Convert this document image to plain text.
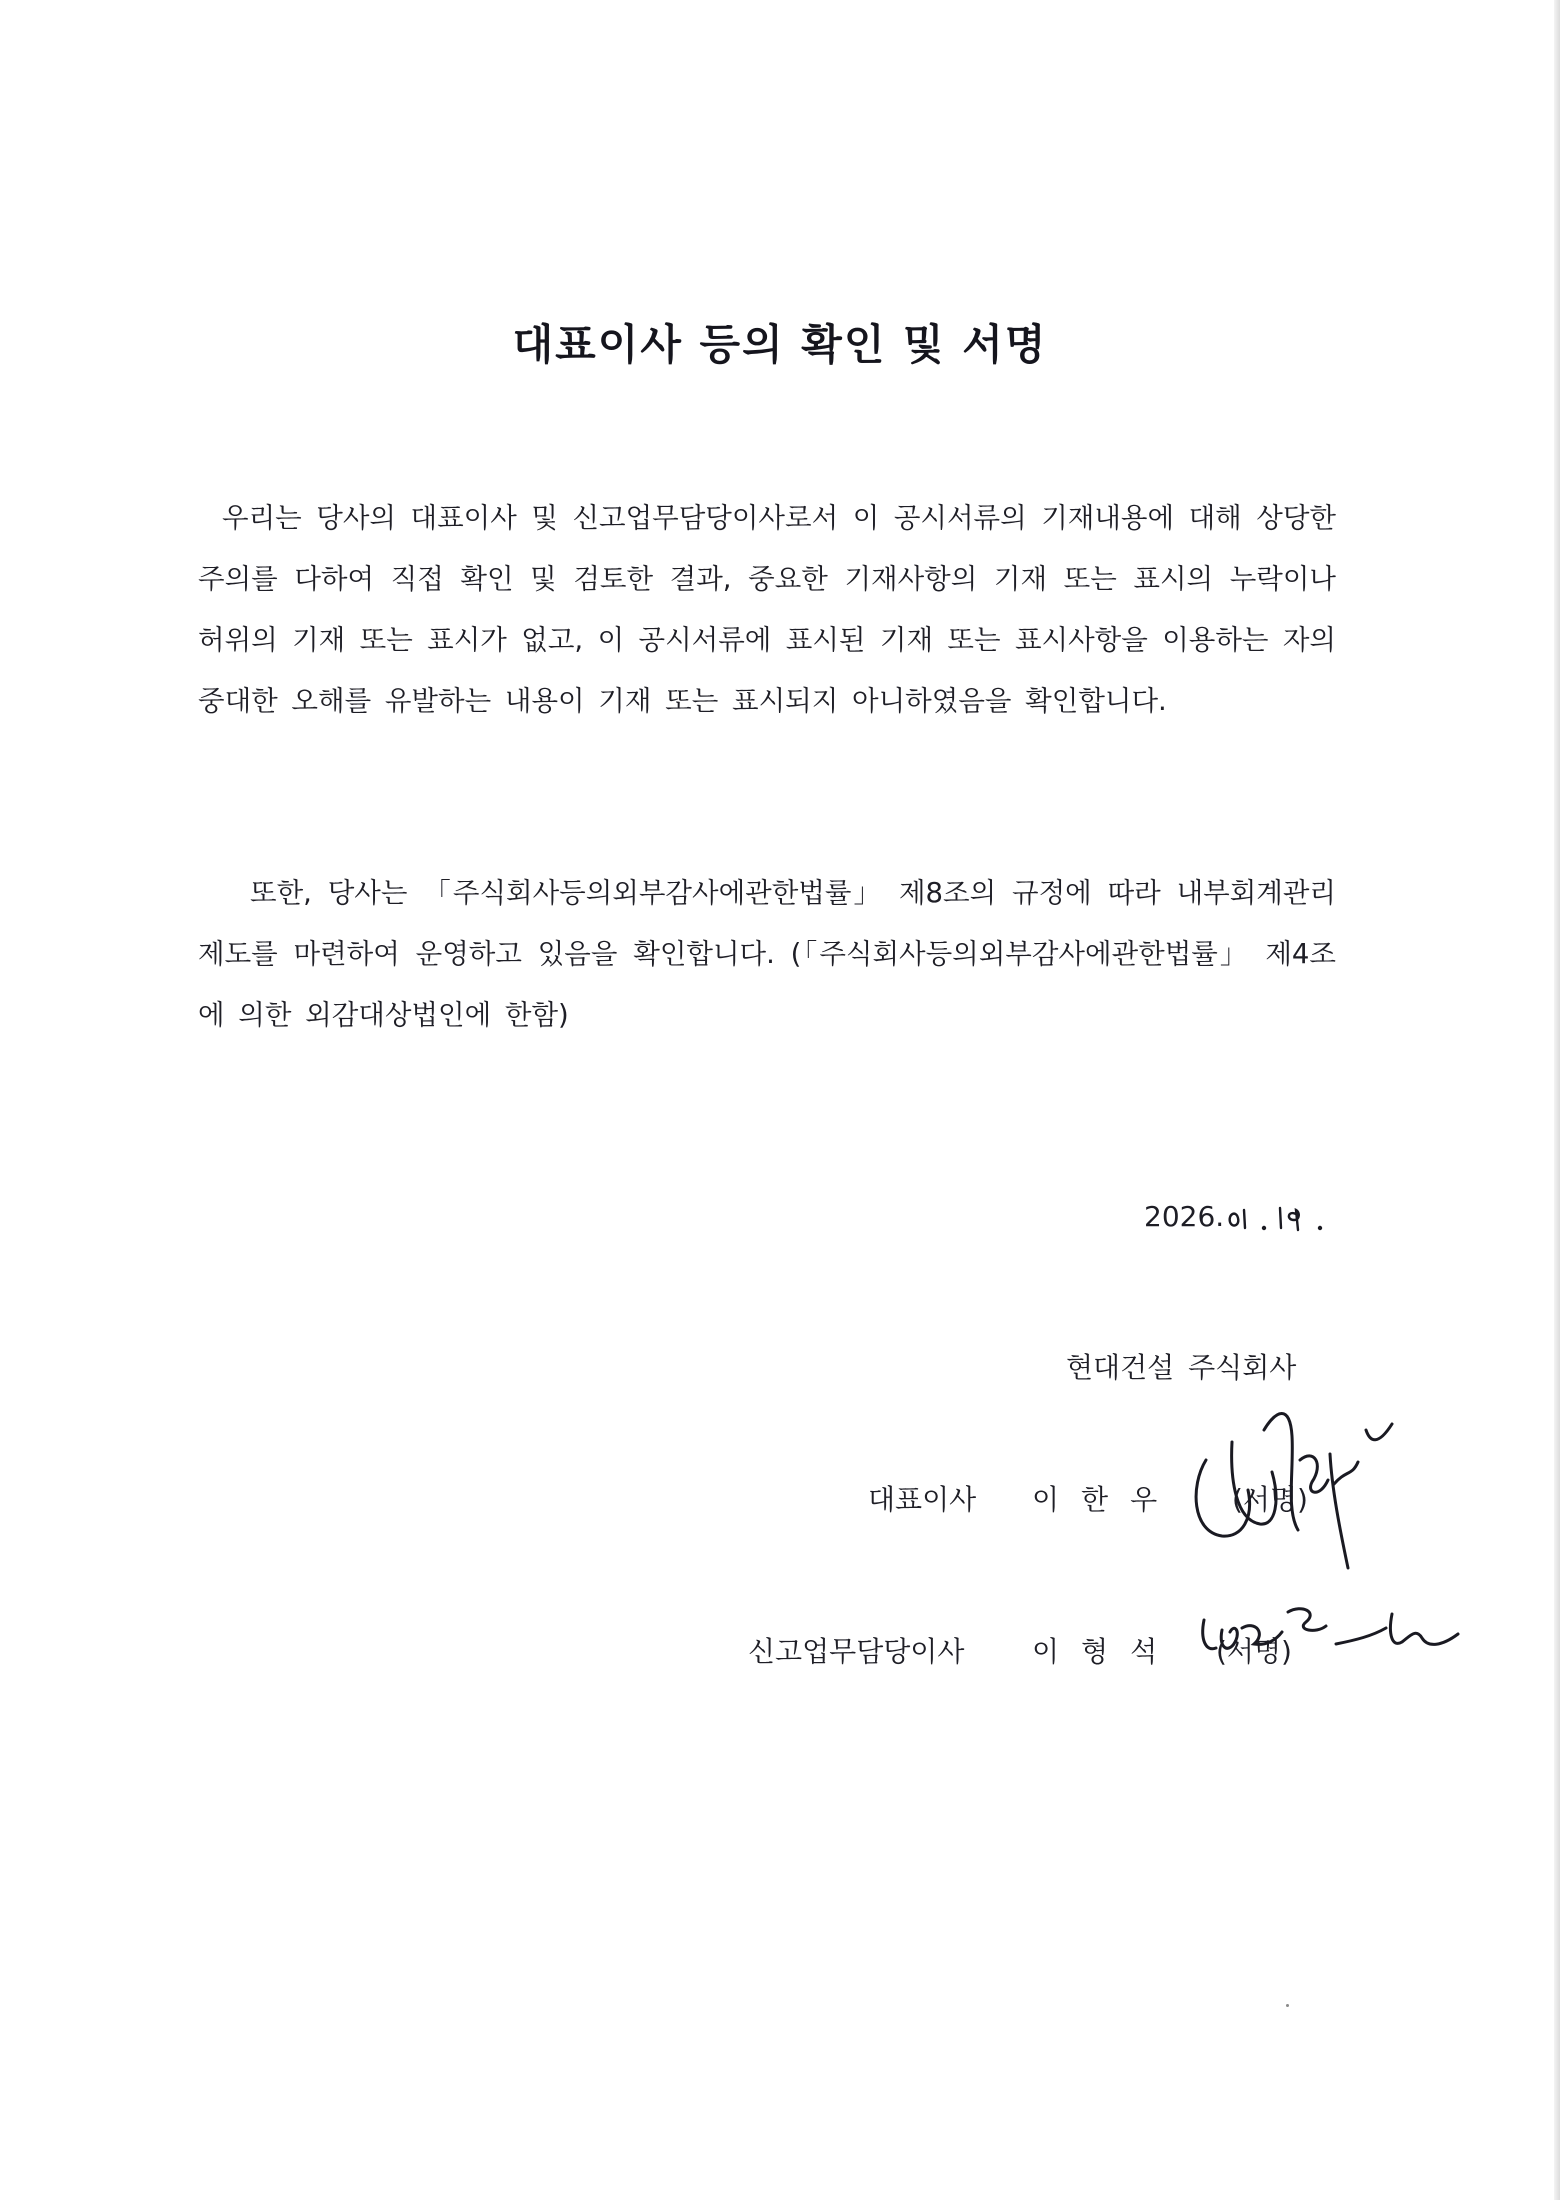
대표이사 등의 확인 및 서명
우리는 당사의 대표이사 및 신고업무담당이사로서 이 공시서류의 기재내용에 대해 상당한 주의를 다하여 직접 확인 및 검토한 결과, 중요한 기재사항의 기재 또는 표시의 누락이나 허위의 기재 또는 표시가 없고, 이 공시서류에 표시된 기재 또는 표시사항을 이용하는 자의 중대한 오해를 유발하는 내용이 기재 또는 표시되지 아니하였음을 확인합니다.
또한, 당사는 「주식회사등의외부감사에관한법률」 제8조의 규정에 따라 내부회계관리제도를 마련하여 운영하고 있음을 확인합니다. (「주식회사등의외부감사에관한법률」 제4조에 의한 외감대상법인에 한함)
2026.
현대건설 주식회사
대표이사 이한우 (서명)
신고업무담당이사 이형석 (서명)
